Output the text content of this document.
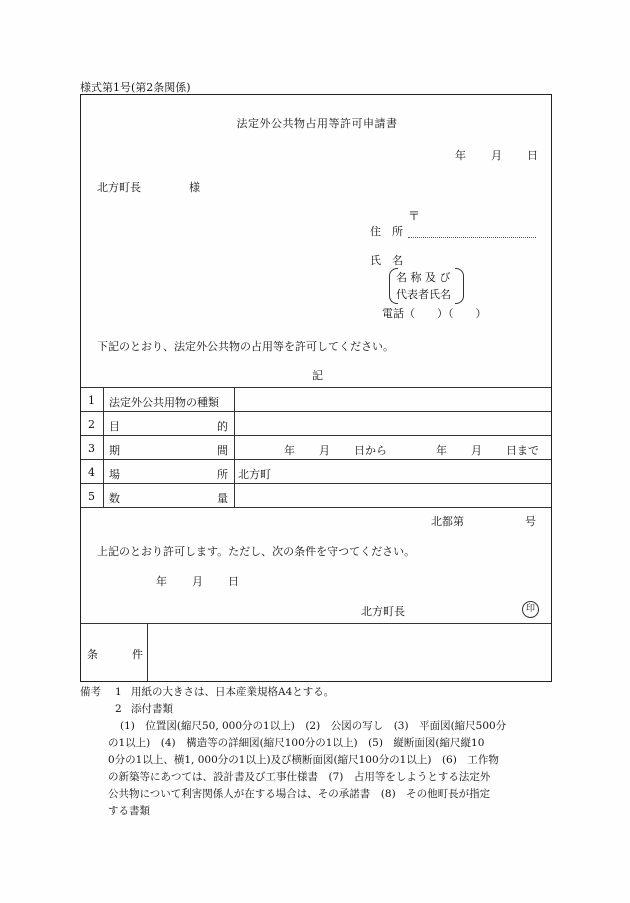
様式第1号(第2条関係)
法定外公共物占用等許可申請書
年 月 日
北方町長	様
〒
住　所
氏　名
名 称 及 び
代表者氏名
電話（　　）（　　）
下記のとおり、法定外公共物の占用等を許可してください。
記
1 法定外公共用物の種類
2 目	的
3 期	間	年 月 日から	年 月 日まで
4 場	所 北方町
5 数	量
北都第	号
上記のとおり許可します。ただし、次の条件を守つてください。
年 月 日
北方町長	印
条	件
備考 1 用紙の大きさは、日本産業規格A4とする。
2 添付書類
(1)　位置図(縮尺50, 000分の1以上)　(2)　公図の写し　(3)　平面図(縮尺500分
の1以上)　(4)　構造等の詳細図(縮尺100分の1以上)　(5)　縦断面図(縮尺縦10
0分の1以上、横1, 000分の1以上)及び横断面図(縮尺100分の1以上)　(6)　工作物
の新築等にあつては、設計書及び工事仕様書　(7)　占用等をしようとする法定外
公共物について利害関係人が在する場合は、その承諾書　(8)　その他町長が指定
する書類
